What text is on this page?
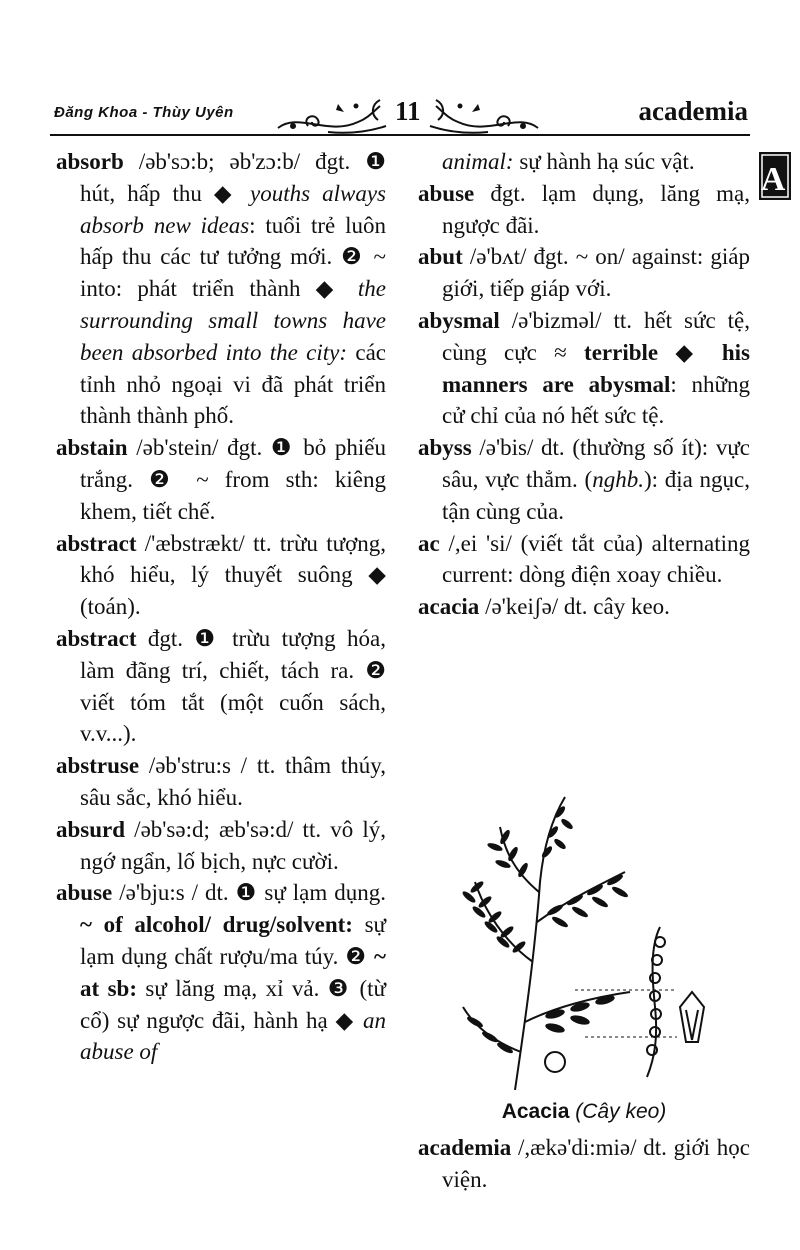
Đăng Khoa - Thùy Uyên	11	academia
A

absorb /əb'sɔ:b; əb'zɔ:b/ đgt. ❶ hút, hấp thu ◆ youths always absorb new ideas: tuổi trẻ luôn hấp thu các tư tưởng mới. ❷ ~ into: phát triển thành ◆ the surrounding small towns have been absorbed into the city: các tỉnh nhỏ ngoại vi đã phát triển thành thành phố.

abstain /əb'stein/ đgt. ❶ bỏ phiếu trắng. ❷ ~ from sth: kiêng khem, tiết chế.

abstract /'æbstrækt/ tt. trừu tượng, khó hiểu, lý thuyết suông ◆ (toán).

abstract đgt. ❶ trừu tượng hóa, làm đãng trí, chiết, tách ra. ❷ viết tóm tắt (một cuốn sách, v.v...).

abstruse /əb'stru:s / tt. thâm thúy, sâu sắc, khó hiểu.

absurd /əb'sə:d; æb'sə:d/ tt. vô lý, ngớ ngẩn, lố bịch, nực cười.

abuse /ə'bju:s / dt. ❶ sự lạm dụng. ~ of alcohol/ drug/solvent: sự lạm dụng chất rượu/ma túy. ❷ ~ at sb: sự lăng mạ, xỉ vả. ❸ (từ cổ) sự ngược đãi, hành hạ ◆ an abuse of

animal: sự hành hạ súc vật.

abuse đgt. lạm dụng, lăng mạ, ngược đãi.

abut /ə'bʌt/ đgt. ~ on/ against: giáp giới, tiếp giáp với.

abysmal /ə'bizməl/ tt. hết sức tệ, cùng cực ≈ terrible ◆ his manners are abysmal: những cử chỉ của nó hết sức tệ.

abyss /ə'bis/ dt. (thường số ít): vực sâu, vực thẳm. (nghb.): địa ngục, tận cùng của.

ac /,ei 'si/ (viết tắt của) alternating current: dòng điện xoay chiều.

acacia /ə'keiʃə/ dt. cây keo.

Acacia (Cây keo)

academia /,ækə'di:miə/ dt. giới học viện.
